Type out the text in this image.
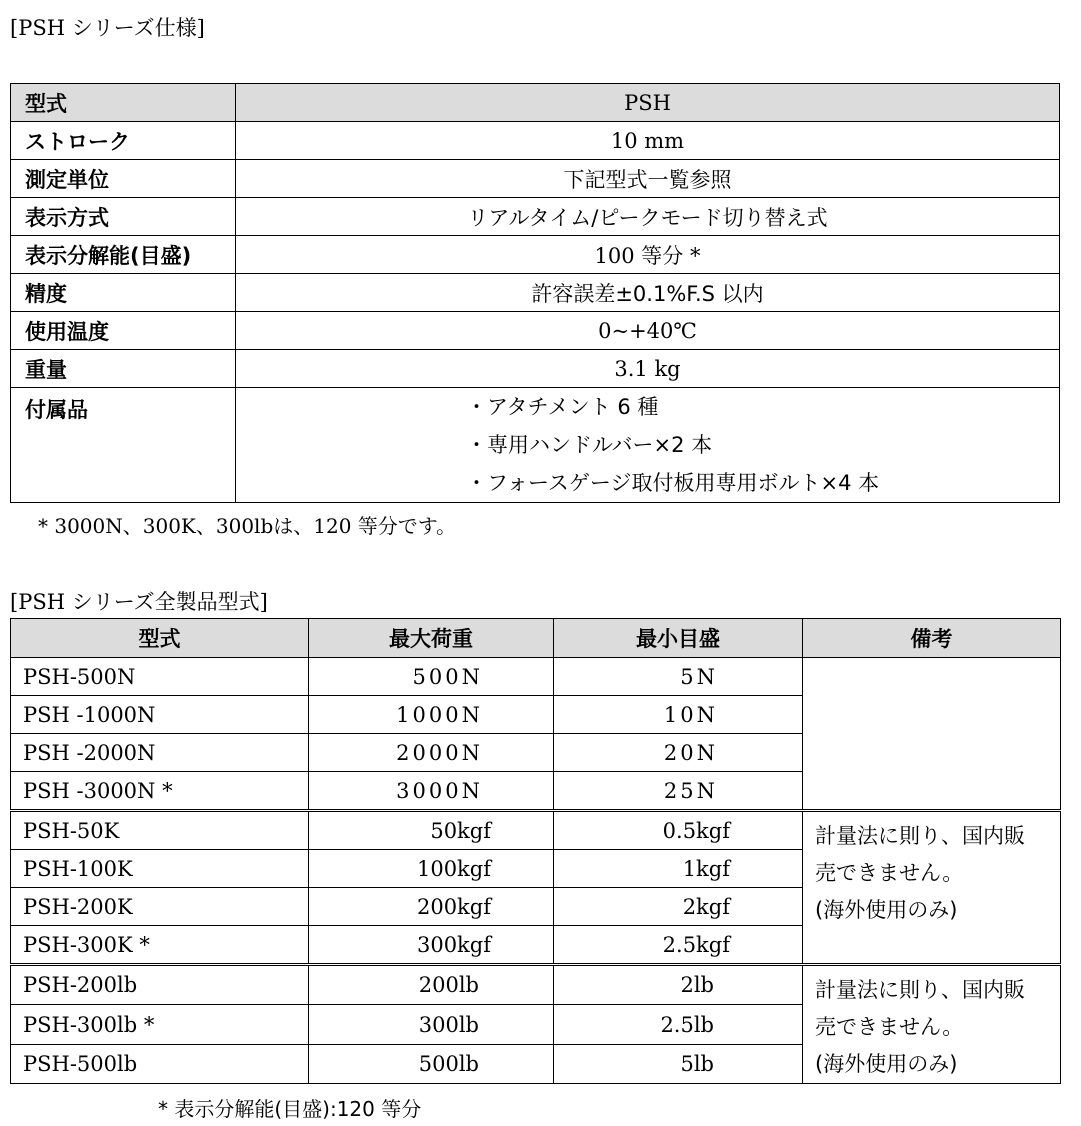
[PSH シリーズ仕様]
型式	PSH
ストローク	10 mm
測定単位	下記型式一覧参照
表示方式	リアルタイム/ピークモード切り替え式
表示分解能(目盛)	100 等分 *
精度	許容誤差±0.1%F.S 以内
使用温度	0~+40℃
重量	3.1 kg
付属品	・アタチメント 6 種
・専用ハンドルバー×2 本
・フォースゲージ取付板用専用ボルト×4 本
* 3000N、300K、300lbは、120 等分です。
[PSH シリーズ全製品型式]
型式	最大荷重	最小目盛	備考
PSH-500N	500N	5N	
PSH -1000N	1000N	10N	
PSH -2000N	2000N	20N	
PSH -3000N *	3000N	25N	
PSH-50K	50kgf	0.5kgf	計量法に則り、国内販
売できません。
(海外使用のみ)

PSH-100K	100kgf	1kgf	
PSH-200K	200kgf	2kgf	
PSH-300K *	300kgf	2.5kgf	
PSH-200lb	200lb	2lb	計量法に則り、国内販
売できません。
(海外使用のみ)

PSH-300lb *	300lb	2.5lb	
PSH-500lb	500lb	5lb	
* 表示分解能(目盛):120 等分
